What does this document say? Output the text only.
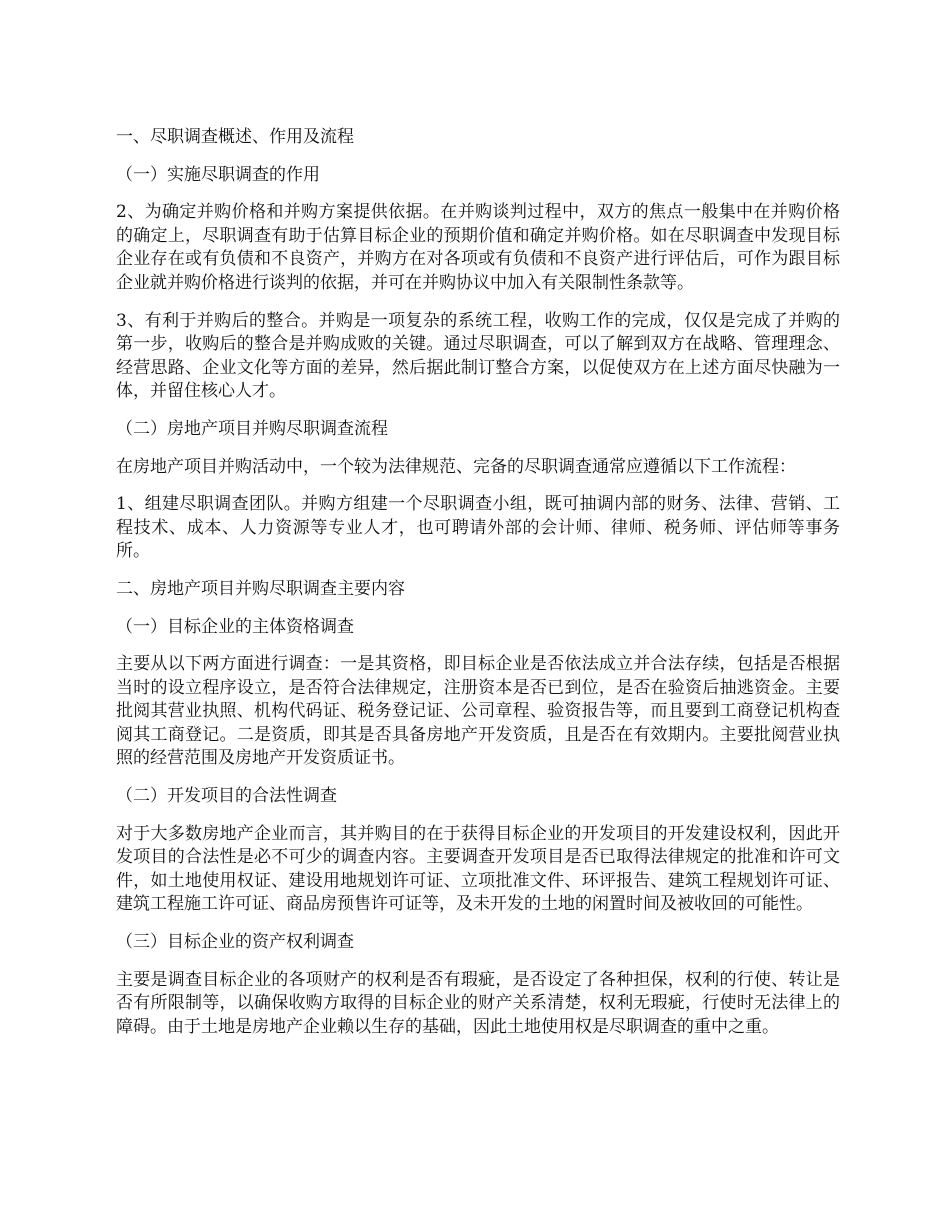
一、尽职调查概述、作用及流程
（一）实施尽职调查的作用
2、为确定并购价格和并购方案提供依据。在并购谈判过程中，双方的焦点一般集中在并购价格的确定上，尽职调查有助于估算目标企业的预期价值和确定并购价格。如在尽职调查中发现目标企业存在或有负债和不良资产，并购方在对各项或有负债和不良资产进行评估后，可作为跟目标企业就并购价格进行谈判的依据，并可在并购协议中加入有关限制性条款等。
3、有利于并购后的整合。并购是一项复杂的系统工程，收购工作的完成，仅仅是完成了并购的第一步，收购后的整合是并购成败的关键。通过尽职调查，可以了解到双方在战略、管理理念、经营思路、企业文化等方面的差异，然后据此制订整合方案，以促使双方在上述方面尽快融为一体，并留住核心人才。
（二）房地产项目并购尽职调查流程
在房地产项目并购活动中，一个较为法律规范、完备的尽职调查通常应遵循以下工作流程：
1、组建尽职调查团队。并购方组建一个尽职调查小组，既可抽调内部的财务、法律、营销、工程技术、成本、人力资源等专业人才，也可聘请外部的会计师、律师、税务师、评估师等事务所。
二、房地产项目并购尽职调查主要内容
（一）目标企业的主体资格调查
主要从以下两方面进行调查：一是其资格，即目标企业是否依法成立并合法存续，包括是否根据当时的设立程序设立，是否符合法律规定，注册资本是否已到位，是否在验资后抽逃资金。主要批阅其营业执照、机构代码证、税务登记证、公司章程、验资报告等，而且要到工商登记机构查阅其工商登记。二是资质，即其是否具备房地产开发资质，且是否在有效期内。主要批阅营业执照的经营范围及房地产开发资质证书。
（二）开发项目的合法性调查
对于大多数房地产企业而言，其并购目的在于获得目标企业的开发项目的开发建设权利，因此开发项目的合法性是必不可少的调查内容。主要调查开发项目是否已取得法律规定的批准和许可文件，如土地使用权证、建设用地规划许可证、立项批准文件、环评报告、建筑工程规划许可证、建筑工程施工许可证、商品房预售许可证等，及未开发的土地的闲置时间及被收回的可能性。
（三）目标企业的资产权利调查
主要是调查目标企业的各项财产的权利是否有瑕疵，是否设定了各种担保，权利的行使、转让是否有所限制等，以确保收购方取得的目标企业的财产关系清楚，权利无瑕疵，行使时无法律上的障碍。由于土地是房地产企业赖以生存的基础，因此土地使用权是尽职调查的重中之重。
